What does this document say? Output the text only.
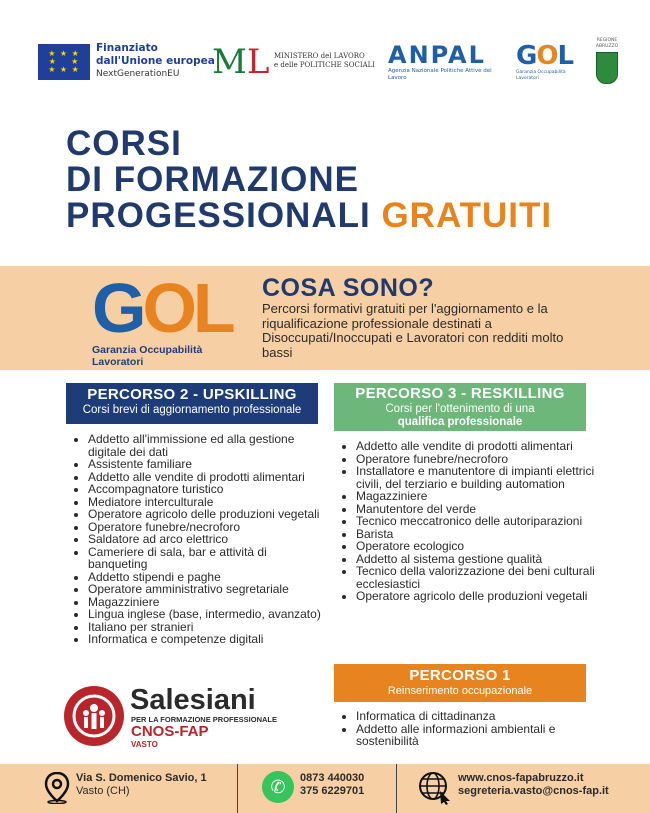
★ ★ ★
★    ★
★ ★ ★
Finanziato
dall'Unione europea
NextGenerationEU ML MINISTERO del LAVORO
e delle POLITICHE SOCIALI ANPAL
Agenzia Nazionale Politiche Attive del Lavoro
GOL
Garanzia Occupabilità Lavoratori
REGIONE ABRUZZO
CORSI
DI FORMAZIONE
PROGESSIONALI GRATUITI
GOL
Garanzia Occupabilità Lavoratori
COSA SONO?

Percorsi formativi gratuiti per l'aggiornamento e la riqualificazione professionale destinati a Disoccupati/Inoccupati e Lavoratori con redditi molto bassi

PERCORSO 2 - UPSKILLING
Corsi brevi di aggiornamento professionale
• Addetto all'immissione ed alla gestione digitale dei dati
• Assistente familiare
• Addetto alle vendite di prodotti alimentari
• Accompagnatore turistico
• Mediatore interculturale
• Operatore agricolo delle produzioni vegetali
• Operatore funebre/necroforo
• Saldatore ad arco elettrico
• Cameriere di sala, bar e attività di banqueting
• Addetto stipendi e paghe
• Operatore amministrativo segretariale
• Magazziniere
• Lingua inglese (base, intermedio, avanzato)
• Italiano per stranieri
• Informatica e competenze digitali
PERCORSO 3 - RESKILLING
Corsi per l'ottenimento di una
qualifica professionale
• Addetto alle vendite di prodotti alimentari
• Operatore funebre/necroforo
• Installatore e manutentore di impianti elettrici civili, del terziario e building automation
• Magazziniere
• Manutentore del verde
• Tecnico meccatronico delle autoriparazioni
• Barista
• Operatore ecologico
• Addetto al sistema gestione qualità
• Tecnico della valorizzazione dei beni culturali ecclesiastici
• Operatore agricolo delle produzioni vegetali
PERCORSO 1
Reinserimento occupazionale
• Informatica di cittadinanza
• Addetto alle informazioni ambientali e sostenibilità
Salesiani
PER LA FORMAZIONE PROFESSIONALE
CNOS-FAP
VASTO
Via S. Domenico Savio, 1
Vasto (CH)	✆	0873 440030
375 6229701
www.cnos-fapabruzzo.it
segreteria.vasto@cnos-fap.it
